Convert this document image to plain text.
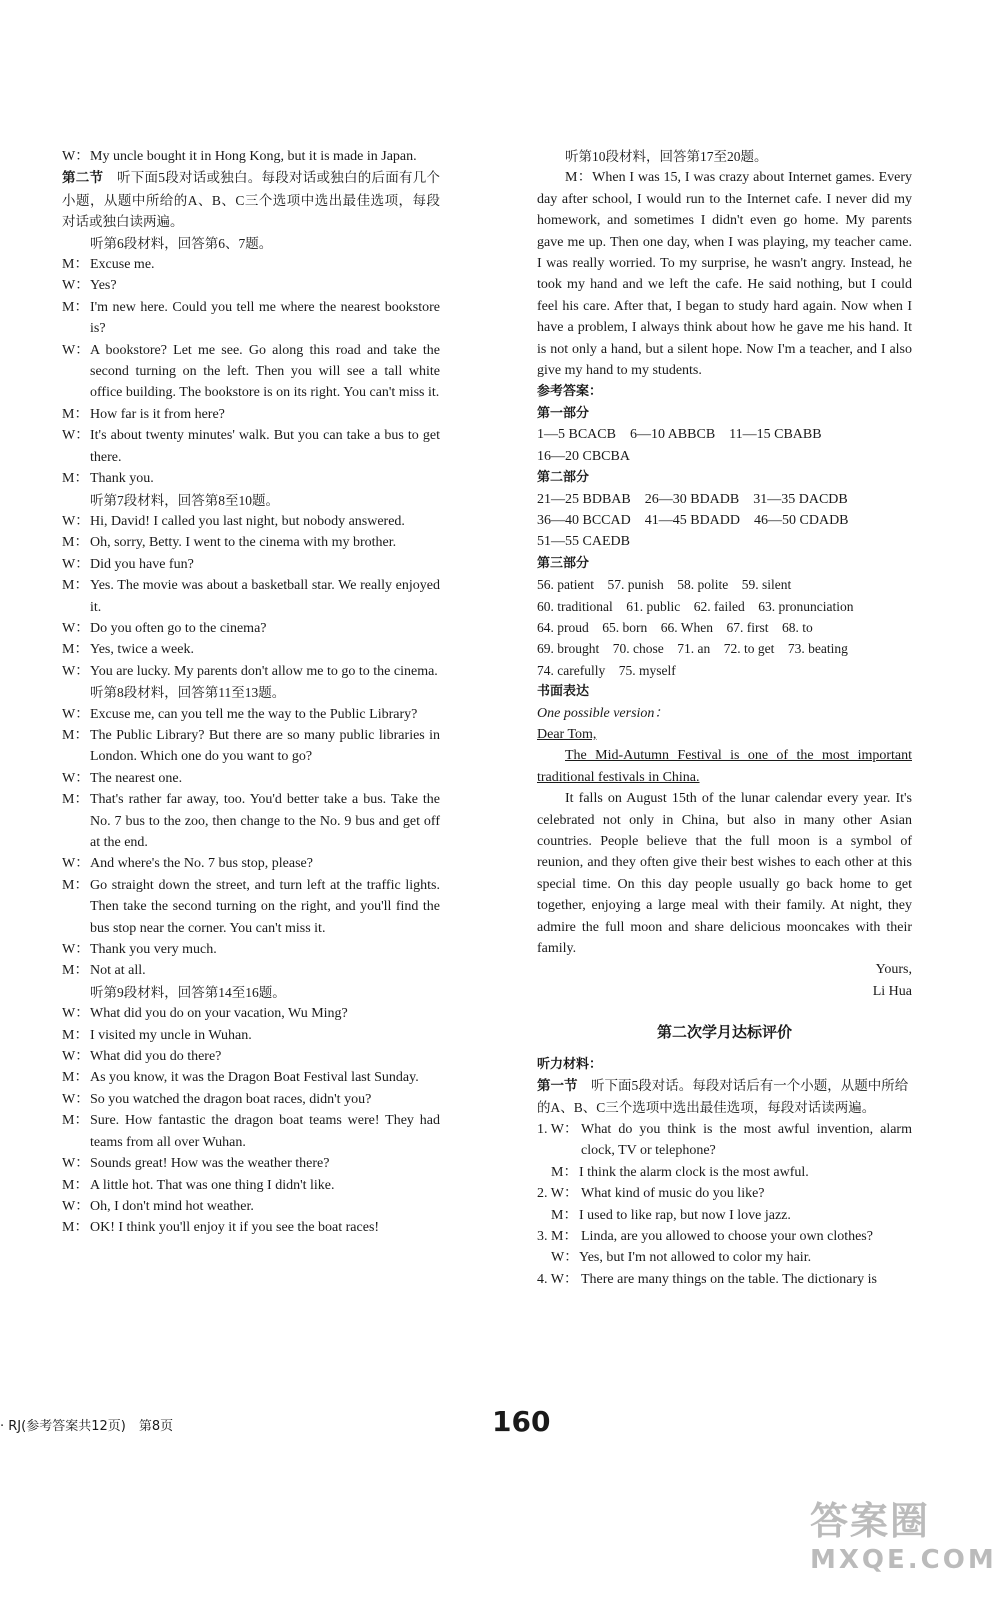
W： My uncle bought it in Hong Kong, but it is made in Japan.
第二节　听下面5段对话或独白。每段对话或独白的后面有几个小题，从题中所给的A、B、C三个选项中选出最佳选项，每段对话或独白读两遍。
听第6段材料，回答第6、7题。
M： Excuse me.
W： Yes?
M： I'm new here. Could you tell me where the nearest bookstore is?
W： A bookstore? Let me see. Go along this road and take the second turning on the left. Then you will see a tall white office building. The bookstore is on its right. You can't miss it.
M： How far is it from here?
W： It's about twenty minutes' walk. But you can take a bus to get there.
M： Thank you.
听第7段材料，回答第8至10题。
W： Hi, David! I called you last night, but nobody answered.
M： Oh, sorry, Betty. I went to the cinema with my brother.
W： Did you have fun?
M： Yes. The movie was about a basketball star. We really enjoyed it.
W： Do you often go to the cinema?
M： Yes, twice a week.
W： You are lucky. My parents don't allow me to go to the cinema.
听第8段材料，回答第11至13题。
W： Excuse me, can you tell me the way to the Public Library?
M： The Public Library? But there are so many public libraries in London. Which one do you want to go?
W： The nearest one.
M： That's rather far away, too. You'd better take a bus. Take the No. 7 bus to the zoo, then change to the No. 9 bus and get off at the end.
W： And where's the No. 7 bus stop, please?
M： Go straight down the street, and turn left at the traffic lights. Then take the second turning on the right, and you'll find the bus stop near the corner. You can't miss it.
W： Thank you very much.
M： Not at all.
听第9段材料，回答第14至16题。
W： What did you do on your vacation, Wu Ming?
M： I visited my uncle in Wuhan.
W： What did you do there?
M： As you know, it was the Dragon Boat Festival last Sunday.
W： So you watched the dragon boat races, didn't you?
M： Sure. How fantastic the dragon boat teams were! They had teams from all over Wuhan.
W： Sounds great! How was the weather there?
M： A little hot. That was one thing I didn't like.
W： Oh, I don't mind hot weather.
M： OK! I think you'll enjoy it if you see the boat races!
听第10段材料，回答第17至20题。
M：When I was 15, I was crazy about Internet games. Every day after school, I would run to the Internet cafe. I never did my homework, and sometimes I didn't even go home. My parents gave me up. Then one day, when I was playing, my teacher came. I was really worried. To my surprise, he wasn't angry. Instead, he took my hand and we left the cafe. He said nothing, but I could feel his care. After that, I began to study hard again. Now when I have a problem, I always think about how he gave me his hand. It is not only a hand, but a silent hope. Now I'm a teacher, and I also give my hand to my students.
参考答案：
第一部分
1—5 BCACB　6—10 ABBCB　11—15 CBABB
16—20 CBCBA
第二部分
21—25 BDBAB　26—30 BDADB　31—35 DACDB
36—40 BCCAD　41—45 BDADD　46—50 CDADB
51—55 CAEDB
第三部分
56. patient　57. punish　58. polite　59. silent
60. traditional　61. public　62. failed　63. pronunciation
64. proud　65. born　66. When　67. first　68. to
69. brought　70. chose　71. an　72. to get　73. beating
74. carefully　75. myself
书面表达
One possible version：
Dear Tom,
The Mid-Autumn Festival is one of the most important traditional festivals in China.
It falls on August 15th of the lunar calendar every year. It's celebrated not only in China, but also in many other Asian countries. People believe that the full moon is a symbol of reunion, and they often give their best wishes to each other at this special time. On this day people usually go back home to get together, enjoying a large meal with their family. At night, they admire the full moon and share delicious mooncakes with their family.
Yours,
Li Hua
第二次学月达标评价
听力材料：
第一节　听下面5段对话。每段对话后有一个小题，从题中所给的A、B、C三个选项中选出最佳选项，每段对话读两遍。
1. W： What do you think is the most awful invention, alarm clock, TV or telephone?
M： I think the alarm clock is the most awful.
2. W： What kind of music do you like?
M： I used to like rap, but now I love jazz.
3. M： Linda, are you allowed to choose your own clothes?
W： Yes, but I'm not allowed to color my hair.
4. W： There are many things on the table. The dictionary is
· RJ(参考答案共12页)　第8页	160
答案圈
MXQE.COM
